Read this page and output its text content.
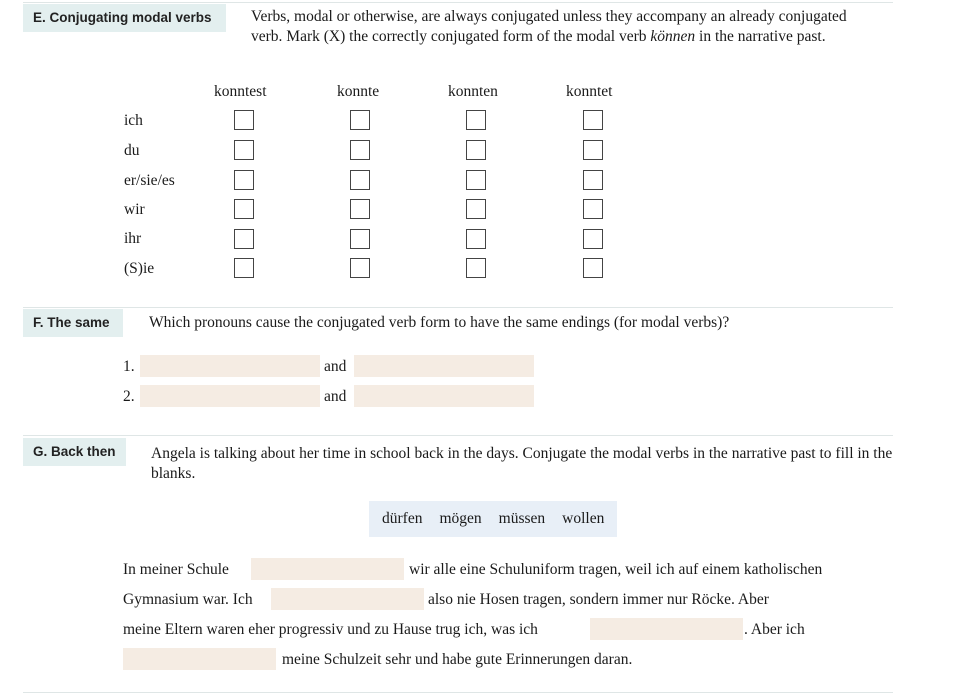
E. Conjugating modal verbs	Verbs, modal or otherwise, are always conjugated unless they accompany an already conjugated verb. Mark (X) the correctly conjugated form of the modal verb können in the narrative past.
konntest	konnte	konnten	konntet
ich
du
er/sie/es
wir
ihr
(S)ie
F. The same	Which pronouns cause the conjugated verb form to have the same endings (for modal verbs)?
1.	and
2.	and
G. Back then	Angela is talking about her time in school back in the days. Conjugate the modal verbs in the narrative past to fill in the blanks.
dürfen mögen müssen wollen
In meiner Schule	wir alle eine Schuluniform tragen, weil ich auf einem katholischen
Gymnasium war. Ich	also nie Hosen tragen, sondern immer nur Röcke. Aber
meine Eltern waren eher progressiv und zu Hause trug ich, was ich	. Aber ich
meine Schulzeit sehr und habe gute Erinnerungen daran.
